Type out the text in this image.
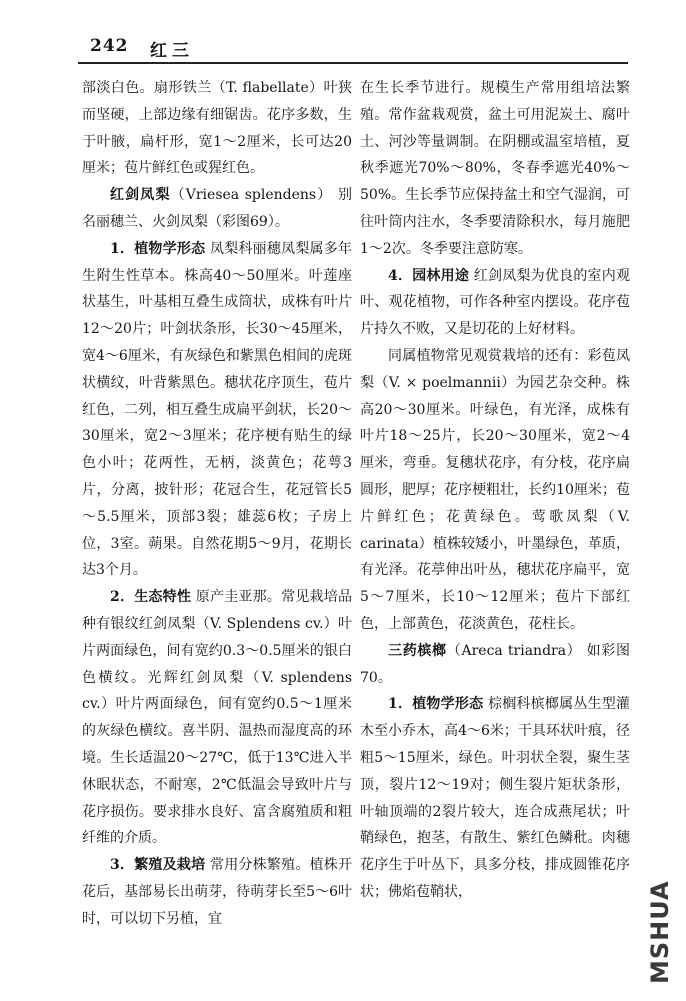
242 红三

部淡白色。扇形铁兰（T. flabellate）叶狭而坚硬，上部边缘有细锯齿。花序多数，生于叶腋，扁杆形，宽1～2厘米，长可达20厘米；苞片鲜红色或猩红色。

红剑凤梨（Vriesea splendens） 别名丽穗兰、火剑凤梨（彩图69）。

1．植物学形态 凤梨科丽穗凤梨属多年生附生性草本。株高40～50厘米。叶莲座状基生，叶基相互叠生成筒状，成株有叶片12～20片；叶剑状条形，长30～45厘米，宽4～6厘米，有灰绿色和紫黑色相间的虎斑状横纹，叶背紫黑色。穗状花序顶生，苞片红色，二列，相互叠生成扁平剑状，长20～30厘米，宽2～3厘米；花序梗有贴生的绿色小叶；花两性，无柄，淡黄色；花萼3片，分离，披针形；花冠合生，花冠管长5～5.5厘米，顶部3裂；雄蕊6枚；子房上位，3室。蒴果。自然花期5～9月，花期长达3个月。

2．生态特性 原产圭亚那。常见栽培品种有银纹红剑凤梨（V. Splendens cv.）叶片两面绿色，间有宽约0.3～0.5厘米的银白色横纹。光辉红剑凤梨（V. splendens cv.）叶片两面绿色，间有宽约0.5～1厘米的灰绿色横纹。喜半阴、温热而湿度高的环境。生长适温20～27℃，低于13℃进入半休眠状态，不耐寒，2℃低温会导致叶片与花序损伤。要求排水良好、富含腐殖质和粗纤维的介质。

3．繁殖及栽培 常用分株繁殖。植株开花后，基部易长出萌芽，待萌芽长至5～6叶时，可以切下另植，宜

在生长季节进行。规模生产常用组培法繁殖。常作盆栽观赏，盆土可用泥炭土、腐叶土、河沙等量调制。在阴棚或温室培植，夏秋季遮光70%～80%，冬春季遮光40%～50%。生长季节应保持盆土和空气湿润，可往叶筒内注水，冬季要清除积水，每月施肥1～2次。冬季要注意防寒。

4．园林用途 红剑凤梨为优良的室内观叶、观花植物，可作各种室内摆设。花序苞片持久不败，又是切花的上好材料。

同属植物常见观赏栽培的还有：彩苞凤梨（V. × poelmannii）为园艺杂交种。株高20～30厘米。叶绿色，有光泽，成株有叶片18～25片，长20～30厘米，宽2～4厘米，弯垂。复穗状花序，有分枝，花序扁圆形，肥厚；花序梗粗壮，长约10厘米；苞片鲜红色；花黄绿色。莺歌凤梨（V. carinata）植株较矮小，叶墨绿色，革质，有光泽。花葶伸出叶丛，穗状花序扁平，宽5～7厘米，长10～12厘米；苞片下部红色，上部黄色，花淡黄色，花柱长。

三药槟榔（Areca triandra） 如彩图70。

1．植物学形态 棕榈科槟榔属丛生型灌木至小乔木，高4～6米；干具环状叶痕，径粗5～15厘米，绿色。叶羽状全裂，聚生茎顶，裂片12～19对；侧生裂片矩状条形，叶轴顶端的2裂片较大，连合成燕尾状；叶鞘绿色，抱茎，有散生、紫红色鳞秕。肉穗花序生于叶丛下，具多分枝，排成圆锥花序状；佛焰苞鞘状，	MSHUA
